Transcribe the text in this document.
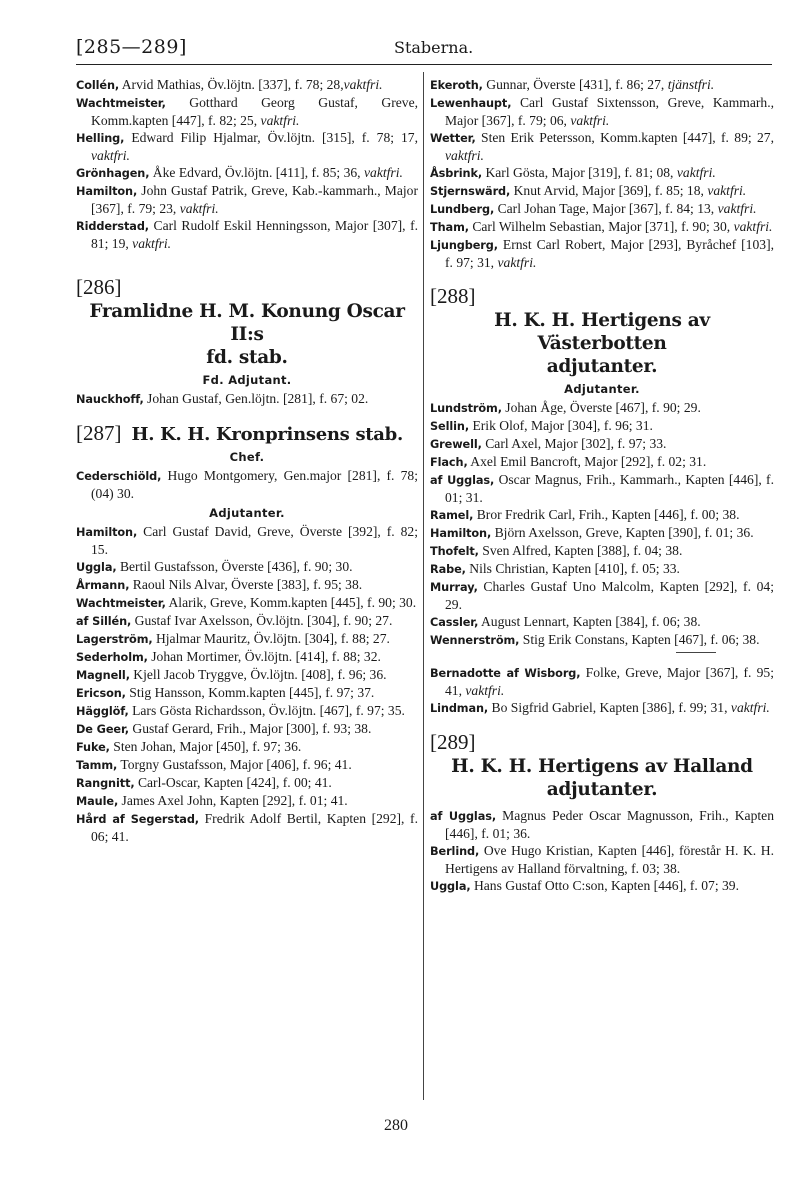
[285—289]	Staberna.

Collén, Arvid Mathias, Öv.löjtn. [337], f. 78; 28,vaktfri.

Wachtmeister, Gotthard Georg Gustaf, Greve, Komm.kapten [447], f. 82; 25, vaktfri.

Helling, Edward Filip Hjalmar, Öv.löjtn. [315], f. 78; 17, vaktfri.

Grönhagen, Åke Edvard, Öv.löjtn. [411], f. 85; 36, vaktfri.

Hamilton, John Gustaf Patrik, Greve, Kab.-kammarh., Major [367], f. 79; 23, vaktfri.

Ridderstad, Carl Rudolf Eskil Henningsson, Major [307], f. 81; 19, vaktfri.

[286]

Framlidne H. M. Konung Oscar II:s

fd. stab.

Fd. Adjutant.

Nauckhoff, Johan Gustaf, Gen.löjtn. [281], f. 67; 02.

[287] H. K. H. Kronprinsens stab.

Chef.

Cederschiöld, Hugo Montgomery, Gen.major [281], f. 78; (04) 30.

Adjutanter.

Hamilton, Carl Gustaf David, Greve, Överste [392], f. 82; 15.

Uggla, Bertil Gustafsson, Överste [436], f. 90; 30.

Årmann, Raoul Nils Alvar, Överste [383], f. 95; 38.

Wachtmeister, Alarik, Greve, Komm.kapten [445], f. 90; 30.

af Sillén, Gustaf Ivar Axelsson, Öv.löjtn. [304], f. 90; 27.

Lagerström, Hjalmar Mauritz, Öv.löjtn. [304], f. 88; 27.

Sederholm, Johan Mortimer, Öv.löjtn. [414], f. 88; 32.

Magnell, Kjell Jacob Tryggve, Öv.löjtn. [408], f. 96; 36.

Ericson, Stig Hansson, Komm.kapten [445], f. 97; 37.

Hägglöf, Lars Gösta Richardsson, Öv.löjtn. [467], f. 97; 35.

De Geer, Gustaf Gerard, Frih., Major [300], f. 93; 38.

Fuke, Sten Johan, Major [450], f. 97; 36.

Tamm, Torgny Gustafsson, Major [406], f. 96; 41.

Rangnitt, Carl-Oscar, Kapten [424], f. 00; 41.

Maule, James Axel John, Kapten [292], f. 01; 41.

Hård af Segerstad, Fredrik Adolf Bertil, Kapten [292], f. 06; 41.

Ekeroth, Gunnar, Överste [431], f. 86; 27, tjänstfri.

Lewenhaupt, Carl Gustaf Sixtensson, Greve, Kammarh., Major [367], f. 79; 06, vaktfri.

Wetter, Sten Erik Petersson, Komm.kapten [447], f. 89; 27, vaktfri.

Åsbrink, Karl Gösta, Major [319], f. 81; 08, vaktfri.

Stjernswärd, Knut Arvid, Major [369], f. 85; 18, vaktfri.

Lundberg, Carl Johan Tage, Major [367], f. 84; 13, vaktfri.

Tham, Carl Wilhelm Sebastian, Major [371], f. 90; 30, vaktfri.

Ljungberg, Ernst Carl Robert, Major [293], Byråchef [103], f. 97; 31, vaktfri.

[288]

H. K. H. Hertigens av Västerbotten

adjutanter.

Adjutanter.

Lundström, Johan Åge, Överste [467], f. 90; 29.

Sellin, Erik Olof, Major [304], f. 96; 31.

Grewell, Carl Axel, Major [302], f. 97; 33.

Flach, Axel Emil Bancroft, Major [292], f. 02; 31.

af Ugglas, Oscar Magnus, Frih., Kammarh., Kapten [446], f. 01; 31.

Ramel, Bror Fredrik Carl, Frih., Kapten [446], f. 00; 38.

Hamilton, Björn Axelsson, Greve, Kapten [390], f. 01; 36.

Thofelt, Sven Alfred, Kapten [388], f. 04; 38.

Rabe, Nils Christian, Kapten [410], f. 05; 33.

Murray, Charles Gustaf Uno Malcolm, Kapten [292], f. 04; 29.

Cassler, August Lennart, Kapten [384], f. 06; 38.

Wennerström, Stig Erik Constans, Kapten [467], f. 06; 38.

Bernadotte af Wisborg, Folke, Greve, Major [367], f. 95; 41, vaktfri.

Lindman, Bo Sigfrid Gabriel, Kapten [386], f. 99; 31, vaktfri.

[289]

H. K. H. Hertigens av Halland

adjutanter.

af Ugglas, Magnus Peder Oscar Magnusson, Frih., Kapten [446], f. 01; 36.

Berlind, Ove Hugo Kristian, Kapten [446], förestår H. K. H. Hertigens av Halland förvaltning, f. 03; 38.

Uggla, Hans Gustaf Otto C:son, Kapten [446], f. 07; 39.

280
